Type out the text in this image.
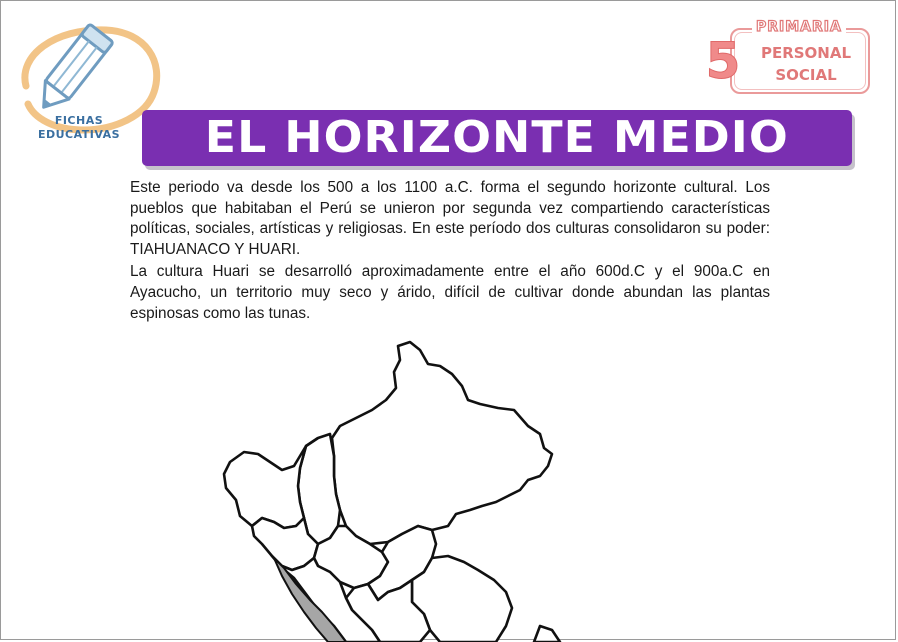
FICHAS
EDUCATIVAS
PRIMARIA
5	PERSONAL
SOCIAL
EL HORIZONTE MEDIO

Este periodo va desde los 500 a los 1100 a.C. forma el segundo horizonte cultural. Los pueblos que habitaban el Perú se unieron por segunda vez compartiendo características políticas, sociales, artísticas y religiosas. En este período dos culturas consolidaron su poder: TIAHUANACO Y HUARI.

La cultura Huari se desarrolló aproximadamente entre el año 600d.C y el 900a.C en Ayacucho, un territorio muy seco y árido, difícil de cultivar donde abundan las plantas espinosas como las tunas.
